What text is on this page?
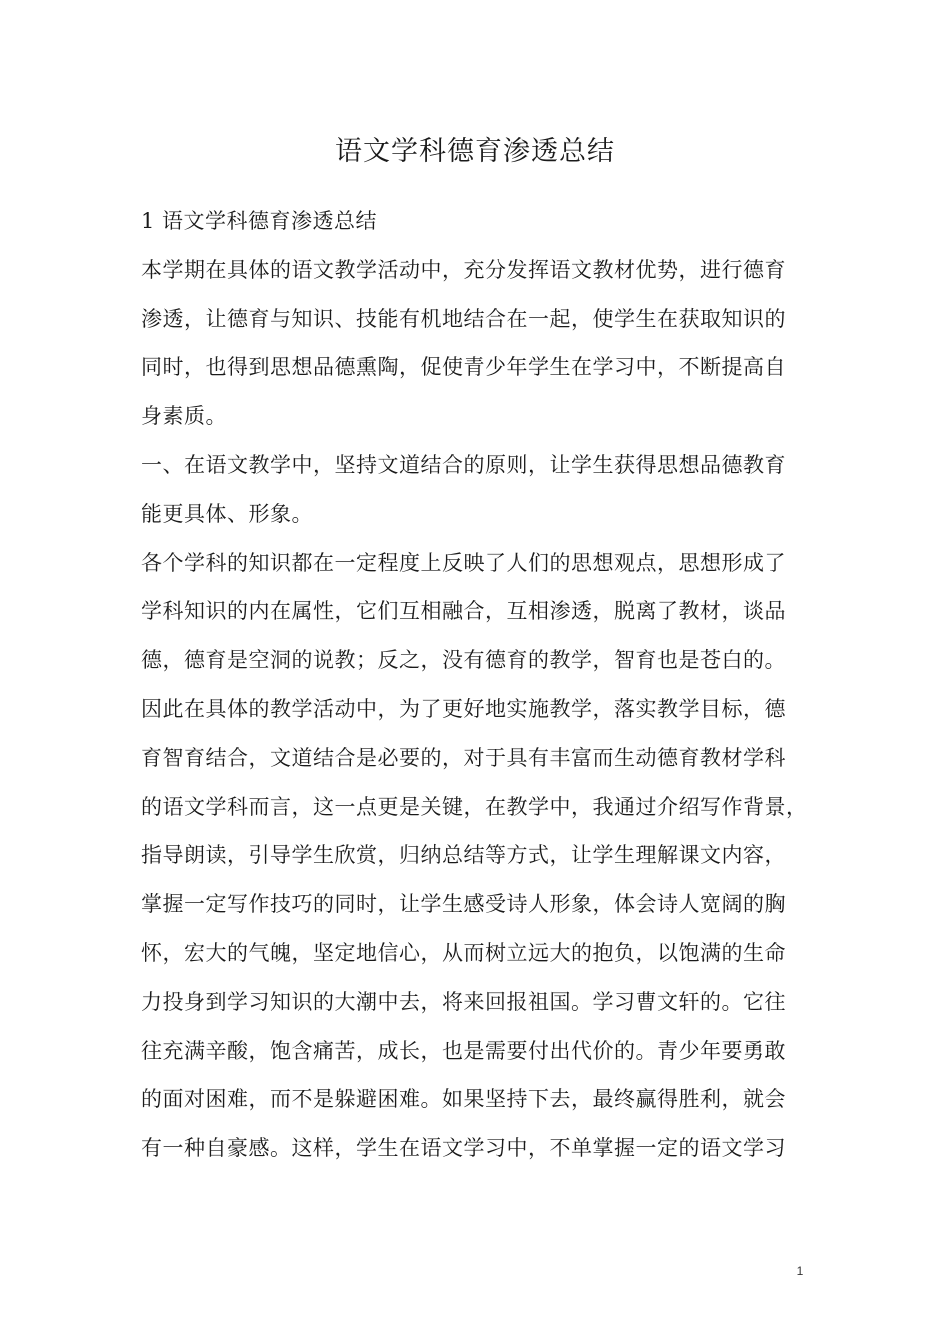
语文学科德育渗透总结
1 语文学科德育渗透总结
本学期在具体的语文教学活动中，充分发挥语文教材优势，进行德育
渗透，让德育与知识、技能有机地结合在一起，使学生在获取知识的
同时，也得到思想品德熏陶，促使青少年学生在学习中，不断提高自
身素质。
一、在语文教学中，坚持文道结合的原则，让学生获得思想品德教育
能更具体、形象。
各个学科的知识都在一定程度上反映了人们的思想观点，思想形成了
学科知识的内在属性，它们互相融合，互相渗透，脱离了教材，谈品
德，德育是空洞的说教；反之，没有德育的教学，智育也是苍白的。
因此在具体的教学活动中，为了更好地实施教学，落实教学目标，德
育智育结合，文道结合是必要的，对于具有丰富而生动德育教材学科
的语文学科而言，这一点更是关键，在教学中，我通过介绍写作背景，
指导朗读，引导学生欣赏，归纳总结等方式，让学生理解课文内容，
掌握一定写作技巧的同时，让学生感受诗人形象，体会诗人宽阔的胸
怀，宏大的气魄，坚定地信心，从而树立远大的抱负，以饱满的生命
力投身到学习知识的大潮中去，将来回报祖国。学习曹文轩的。它往
往充满辛酸，饱含痛苦，成长，也是需要付出代价的。青少年要勇敢
的面对困难，而不是躲避困难。如果坚持下去，最终赢得胜利，就会
有一种自豪感。这样，学生在语文学习中，不单掌握一定的语文学习
1
